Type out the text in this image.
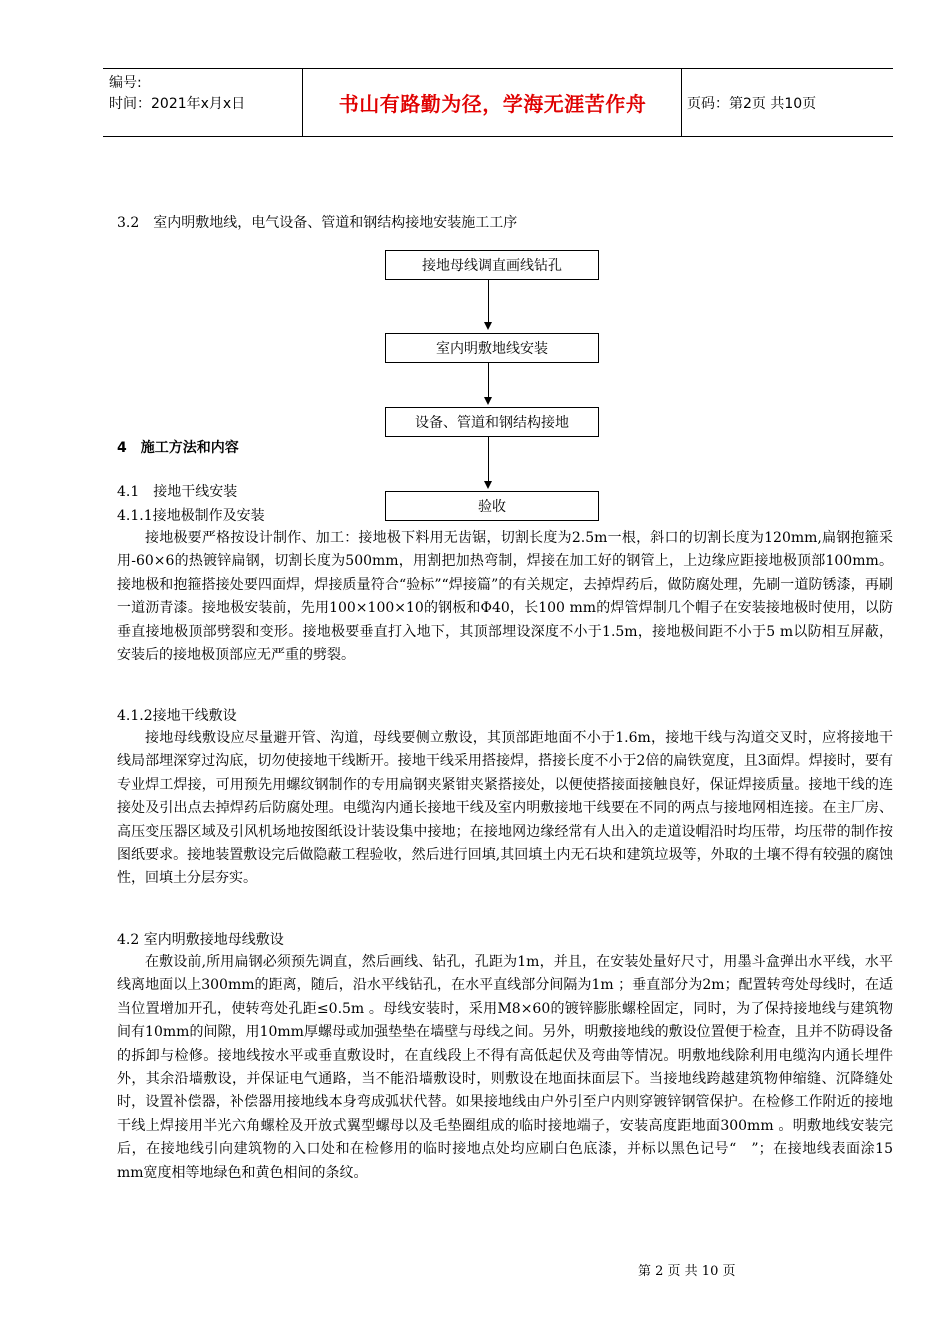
编号:
时间：2021年x月x日	书山有路勤为径，学海无涯苦作舟	页码：第2页 共10页
3.2　室内明敷地线，电气设备、管道和钢结构接地安装施工工序
接地母线调直画线钻孔
室内明敷地线安装
设备、管道和钢结构接地
验收
4　施工方法和内容
4.1　接地干线安装
4.1.1接地极制作及安装
接地极要严格按设计制作、加工：接地极下料用无齿锯，切割长度为2.5m一根，斜口的切割长度为120mm,扁钢抱箍采用-60×6的热镀锌扁钢，切割长度为500mm，用割把加热弯制，焊接在加工好的钢管上，上边缘应距接地极顶部100mm。接地极和抱箍搭接处要四面焊，焊接质量符合“验标”“焊接篇”的有关规定，去掉焊药后，做防腐处理，先刷一道防锈漆，再刷一道沥青漆。接地极安装前，先用100×100×10的钢板和Φ40，长100 mm的焊管焊制几个帽子在安装接地极时使用，以防垂直接地极顶部劈裂和变形。接地极要垂直打入地下，其顶部埋设深度不小于1.5m，接地极间距不小于5 m以防相互屏蔽，安装后的接地极顶部应无严重的劈裂。
4.1.2接地干线敷设
接地母线敷设应尽量避开管、沟道，母线要侧立敷设，其顶部距地面不小于1.6m，接地干线与沟道交叉时，应将接地干线局部埋深穿过沟底，切勿使接地干线断开。接地干线采用搭接焊，搭接长度不小于2倍的扁铁宽度，且3面焊。焊接时，要有专业焊工焊接，可用预先用螺纹钢制作的专用扁钢夹紧钳夹紧搭接处，以便使搭接面接触良好，保证焊接质量。接地干线的连接处及引出点去掉焊药后防腐处理。电缆沟内通长接地干线及室内明敷接地干线要在不同的两点与接地网相连接。在主厂房、高压变压器区域及引风机场地按图纸设计装设集中接地；在接地网边缘经常有人出入的走道设帽沿时均压带，均压带的制作按图纸要求。接地装置敷设完后做隐蔽工程验收，然后进行回填,其回填土内无石块和建筑垃圾等，外取的土壤不得有较强的腐蚀性，回填土分层夯实。
4.2 室内明敷接地母线敷设
在敷设前,所用扁钢必须预先调直，然后画线、钻孔，孔距为1m，并且，在安装处量好尺寸，用墨斗盒弹出水平线，水平线离地面以上300mm的距离，随后，沿水平线钻孔，在水平直线部分间隔为1m ；垂直部分为2m；配置转弯处母线时，在适当位置增加开孔，使转弯处孔距≤0.5m 。母线安装时，采用M8×60的镀锌膨胀螺栓固定，同时，为了保持接地线与建筑物间有10mm的间隙，用10mm厚螺母或加强垫垫在墙壁与母线之间。另外，明敷接地线的敷设位置便于检查，且并不防碍设备的拆卸与检修。接地线按水平或垂直敷设时，在直线段上不得有高低起伏及弯曲等情况。明敷地线除利用电缆沟内通长埋件外，其余沿墙敷设，并保证电气通路，当不能沿墙敷设时，则敷设在地面抹面层下。当接地线跨越建筑物伸缩缝、沉降缝处时，设置补偿器，补偿器用接地线本身弯成弧状代替。如果接地线由户外引至户内则穿镀锌钢管保护。在检修工作附近的接地干线上焊接用半光六角螺栓及开放式翼型螺母以及毛垫圈组成的临时接地端子，安装高度距地面300mm 。明敷地线安装完后，在接地线引向建筑物的入口处和在检修用的临时接地点处均应刷白色底漆，并标以黑色记号“　”；在接地线表面涂15 mm宽度相等地绿色和黄色相间的条纹。
第 2 页 共 10 页
